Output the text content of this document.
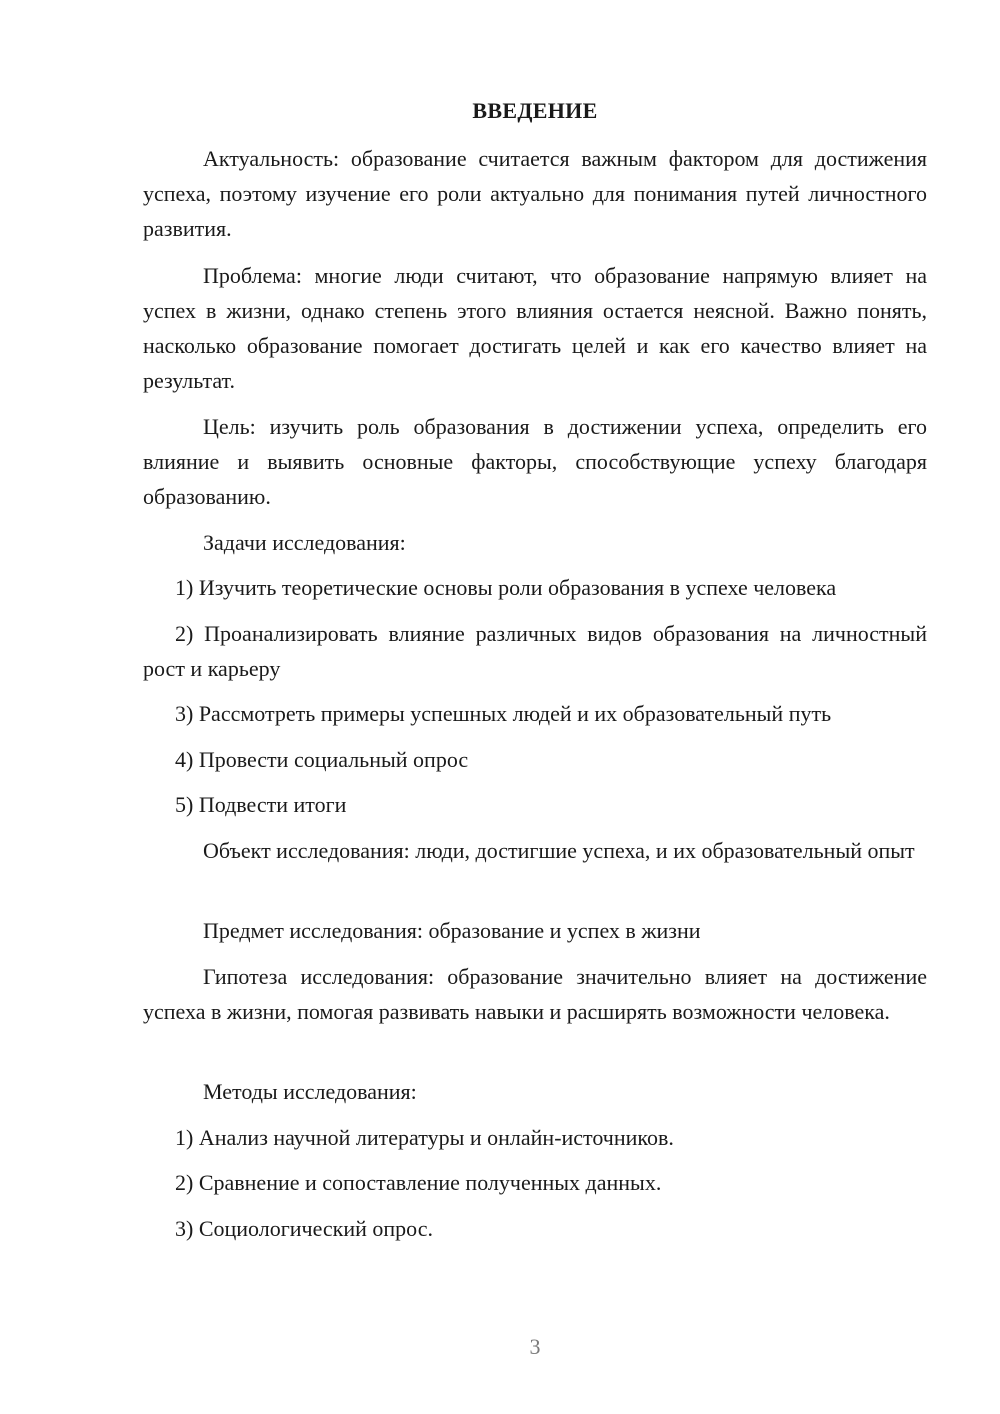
ВВЕДЕНИЕ

Актуальность: образование считается важным фактором для достижения успеха, поэтому изучение его роли актуально для понимания путей личностного развития.

Проблема: многие люди считают, что образование напрямую влияет на успех в жизни, однако степень этого влияния остается неясной. Важно понять, насколько образование помогает достигать целей и как его качество влияет на результат.

Цель: изучить роль образования в достижении успеха, определить его влияние и выявить основные факторы, способствующие успеху благодаря образованию.

Задачи исследования:

1) Изучить теоретические основы роли образования в успехе человека

2) Проанализировать влияние различных видов образования на личностный рост и карьеру

3) Рассмотреть примеры успешных людей и их образовательный путь

4) Провести социальный опрос

5) Подвести итоги

Объект исследования: люди, достигшие успеха, и их образовательный опыт

Предмет исследования: образование и успех в жизни

Гипотеза исследования: образование значительно влияет на достижение успеха в жизни, помогая развивать навыки и расширять возможности человека.

Методы исследования:

1) Анализ научной литературы и онлайн-источников.

2) Сравнение и сопоставление полученных данных.

3) Социологический опрос.

3
